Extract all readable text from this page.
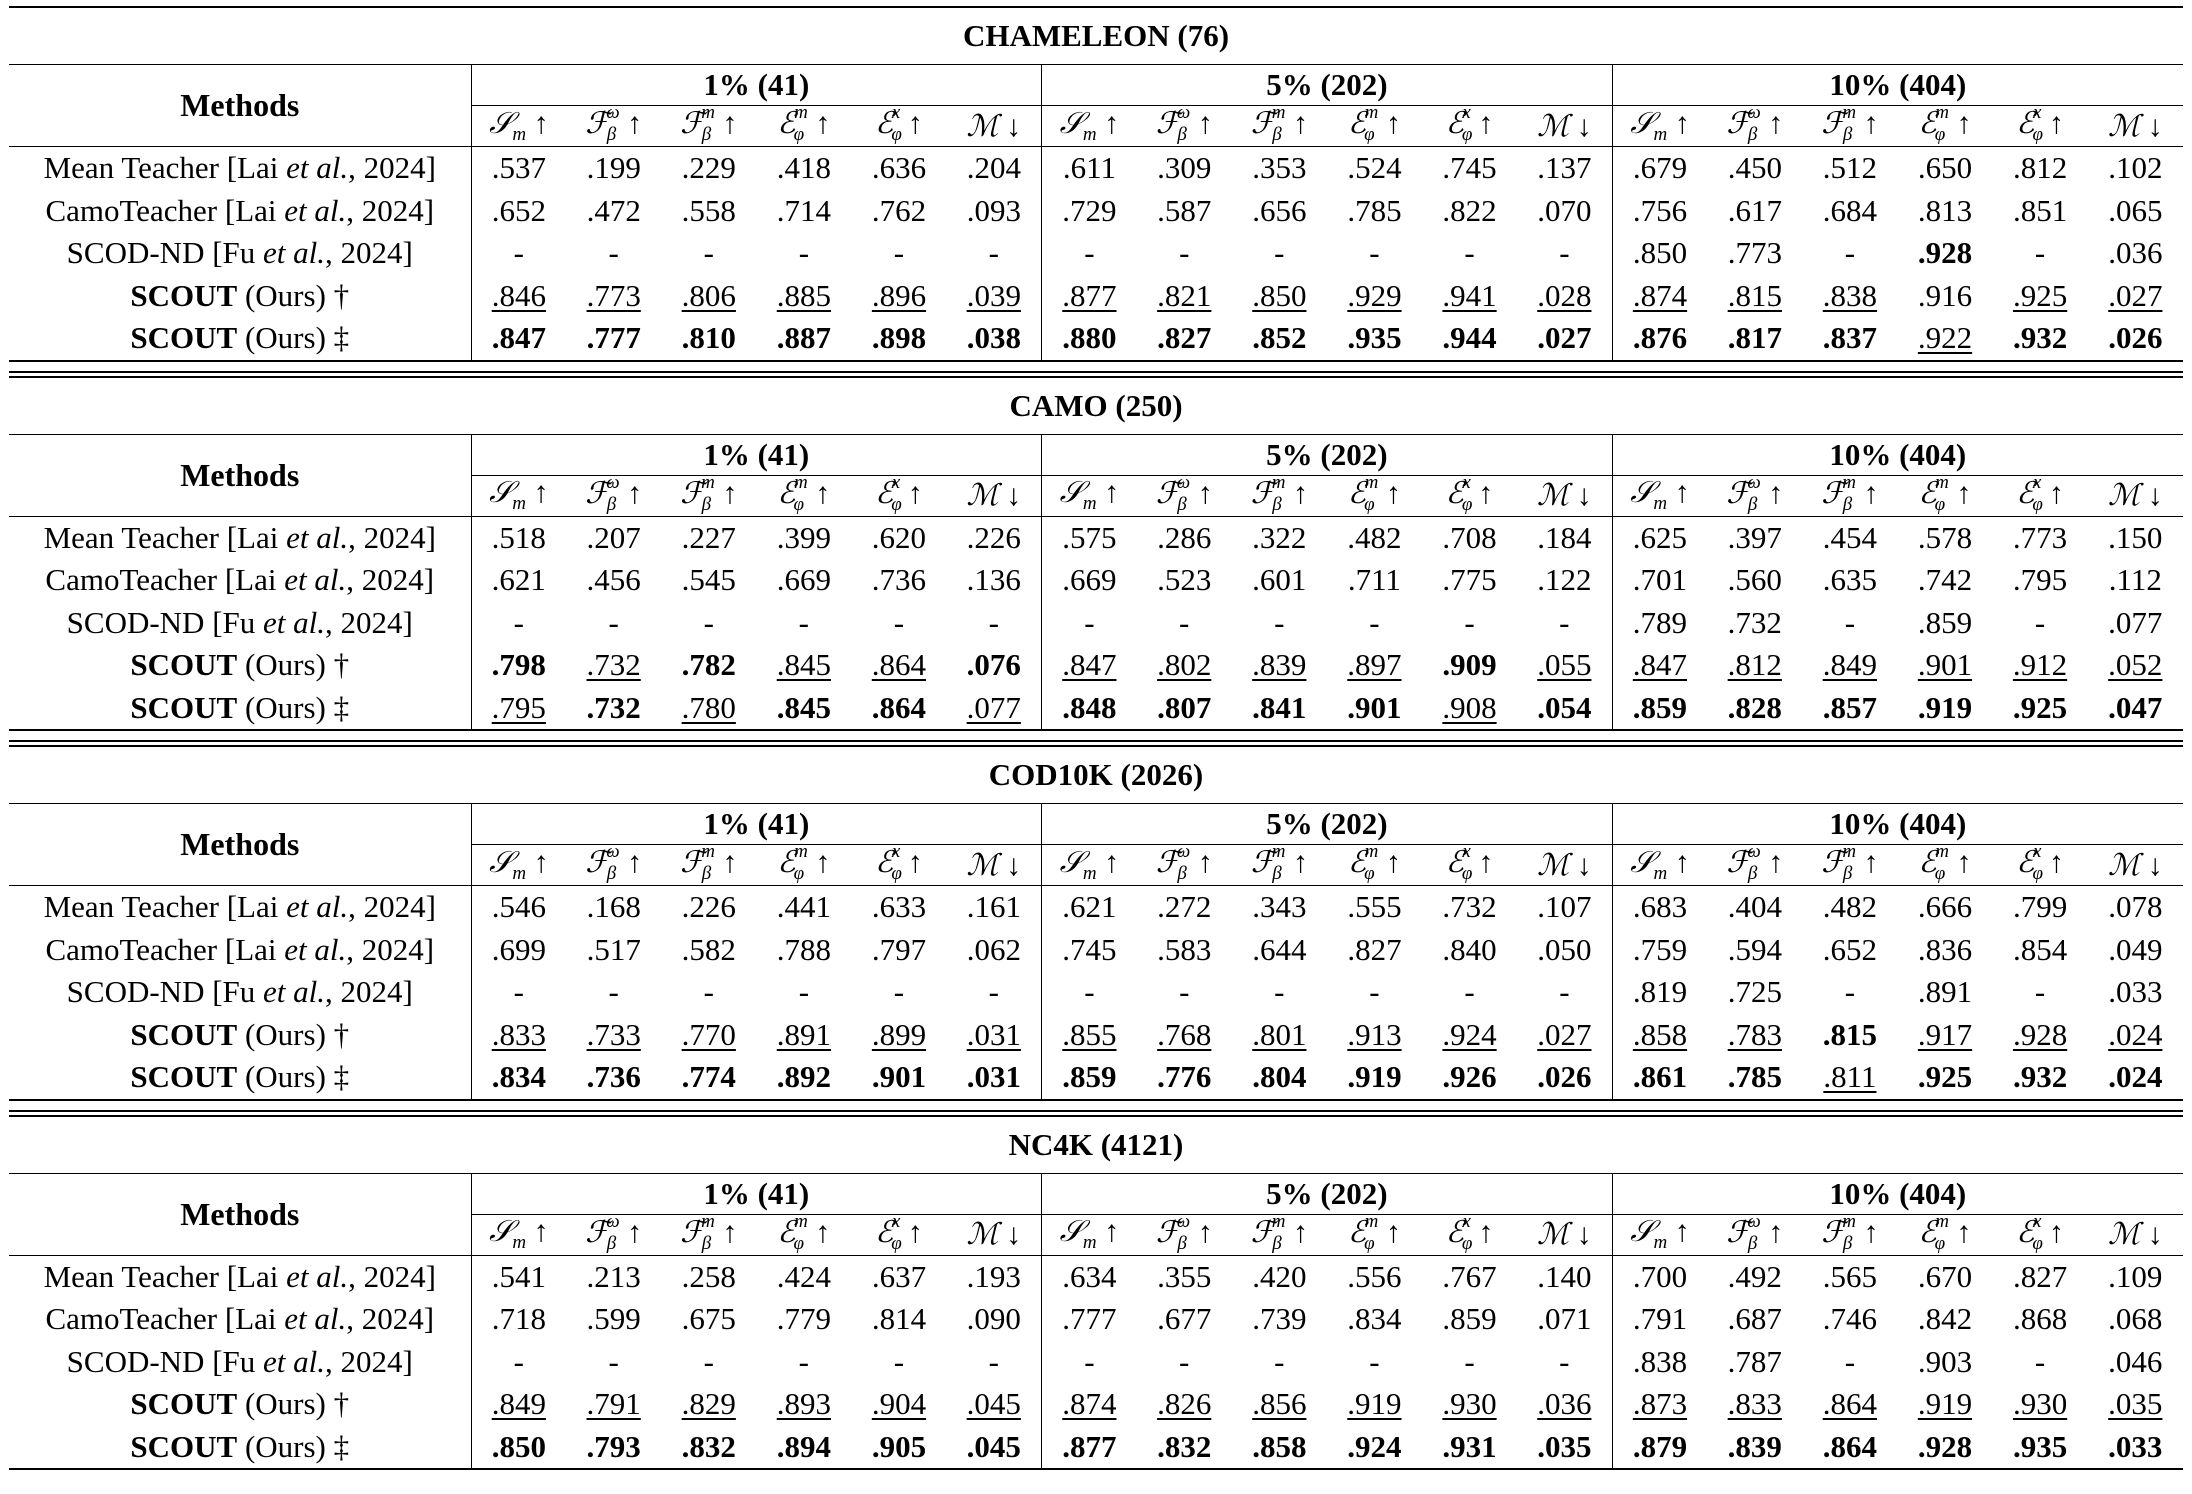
CHAMELEON (76)																		
Methods	1% (41)						5% (202)						10% (404)					
	𝒮$_m$ ↑	ℱ$_\beta^\omega$ ↑	ℱ$_\beta^m$ ↑	ℰ$_\varphi^m$ ↑	ℰ$_\varphi^x$ ↑	ℳ ↓	𝒮$_m$ ↑	ℱ$_\beta^\omega$ ↑	ℱ$_\beta^m$ ↑	ℰ$_\varphi^m$ ↑	ℰ$_\varphi^x$ ↑	ℳ ↓	𝒮$_m$ ↑	ℱ$_\beta^\omega$ ↑	ℱ$_\beta^m$ ↑	ℰ$_\varphi^m$ ↑	ℰ$_\varphi^x$ ↑	ℳ ↓
Mean Teacher [Lai et al., 2024]	.537	.199	.229	.418	.636	.204	.611	.309	.353	.524	.745	.137	.679	.450	.512	.650	.812	.102
CamoTeacher [Lai et al., 2024]	.652	.472	.558	.714	.762	.093	.729	.587	.656	.785	.822	.070	.756	.617	.684	.813	.851	.065
SCOD-ND [Fu et al., 2024]	-	-	-	-	-	-	-	-	-	-	-	-	.850	.773	-	.928	-	.036
SCOUT (Ours) †	.846	.773	.806	.885	.896	.039	.877	.821	.850	.929	.941	.028	.874	.815	.838	.916	.925	.027
SCOUT (Ours) ‡	.847	.777	.810	.887	.898	.038	.880	.827	.852	.935	.944	.027	.876	.817	.837	.922	.932	.026
CAMO (250)																		
Methods	1% (41)						5% (202)						10% (404)					
	𝒮$_m$ ↑	ℱ$_\beta^\omega$ ↑	ℱ$_\beta^m$ ↑	ℰ$_\varphi^m$ ↑	ℰ$_\varphi^x$ ↑	ℳ ↓	𝒮$_m$ ↑	ℱ$_\beta^\omega$ ↑	ℱ$_\beta^m$ ↑	ℰ$_\varphi^m$ ↑	ℰ$_\varphi^x$ ↑	ℳ ↓	𝒮$_m$ ↑	ℱ$_\beta^\omega$ ↑	ℱ$_\beta^m$ ↑	ℰ$_\varphi^m$ ↑	ℰ$_\varphi^x$ ↑	ℳ ↓
Mean Teacher [Lai et al., 2024]	.518	.207	.227	.399	.620	.226	.575	.286	.322	.482	.708	.184	.625	.397	.454	.578	.773	.150
CamoTeacher [Lai et al., 2024]	.621	.456	.545	.669	.736	.136	.669	.523	.601	.711	.775	.122	.701	.560	.635	.742	.795	.112
SCOD-ND [Fu et al., 2024]	-	-	-	-	-	-	-	-	-	-	-	-	.789	.732	-	.859	-	.077
SCOUT (Ours) †	.798	.732	.782	.845	.864	.076	.847	.802	.839	.897	.909	.055	.847	.812	.849	.901	.912	.052
SCOUT (Ours) ‡	.795	.732	.780	.845	.864	.077	.848	.807	.841	.901	.908	.054	.859	.828	.857	.919	.925	.047
COD10K (2026)																		
Methods	1% (41)						5% (202)						10% (404)					
	𝒮$_m$ ↑	ℱ$_\beta^\omega$ ↑	ℱ$_\beta^m$ ↑	ℰ$_\varphi^m$ ↑	ℰ$_\varphi^x$ ↑	ℳ ↓	𝒮$_m$ ↑	ℱ$_\beta^\omega$ ↑	ℱ$_\beta^m$ ↑	ℰ$_\varphi^m$ ↑	ℰ$_\varphi^x$ ↑	ℳ ↓	𝒮$_m$ ↑	ℱ$_\beta^\omega$ ↑	ℱ$_\beta^m$ ↑	ℰ$_\varphi^m$ ↑	ℰ$_\varphi^x$ ↑	ℳ ↓
Mean Teacher [Lai et al., 2024]	.546	.168	.226	.441	.633	.161	.621	.272	.343	.555	.732	.107	.683	.404	.482	.666	.799	.078
CamoTeacher [Lai et al., 2024]	.699	.517	.582	.788	.797	.062	.745	.583	.644	.827	.840	.050	.759	.594	.652	.836	.854	.049
SCOD-ND [Fu et al., 2024]	-	-	-	-	-	-	-	-	-	-	-	-	.819	.725	-	.891	-	.033
SCOUT (Ours) †	.833	.733	.770	.891	.899	.031	.855	.768	.801	.913	.924	.027	.858	.783	.815	.917	.928	.024
SCOUT (Ours) ‡	.834	.736	.774	.892	.901	.031	.859	.776	.804	.919	.926	.026	.861	.785	.811	.925	.932	.024
NC4K (4121)																		
Methods	1% (41)						5% (202)						10% (404)					
	𝒮$_m$ ↑	ℱ$_\beta^\omega$ ↑	ℱ$_\beta^m$ ↑	ℰ$_\varphi^m$ ↑	ℰ$_\varphi^x$ ↑	ℳ ↓	𝒮$_m$ ↑	ℱ$_\beta^\omega$ ↑	ℱ$_\beta^m$ ↑	ℰ$_\varphi^m$ ↑	ℰ$_\varphi^x$ ↑	ℳ ↓	𝒮$_m$ ↑	ℱ$_\beta^\omega$ ↑	ℱ$_\beta^m$ ↑	ℰ$_\varphi^m$ ↑	ℰ$_\varphi^x$ ↑	ℳ ↓
Mean Teacher [Lai et al., 2024]	.541	.213	.258	.424	.637	.193	.634	.355	.420	.556	.767	.140	.700	.492	.565	.670	.827	.109
CamoTeacher [Lai et al., 2024]	.718	.599	.675	.779	.814	.090	.777	.677	.739	.834	.859	.071	.791	.687	.746	.842	.868	.068
SCOD-ND [Fu et al., 2024]	-	-	-	-	-	-	-	-	-	-	-	-	.838	.787	-	.903	-	.046
SCOUT (Ours) †	.849	.791	.829	.893	.904	.045	.874	.826	.856	.919	.930	.036	.873	.833	.864	.919	.930	.035
SCOUT (Ours) ‡	.850	.793	.832	.894	.905	.045	.877	.832	.858	.924	.931	.035	.879	.839	.864	.928	.935	.033
